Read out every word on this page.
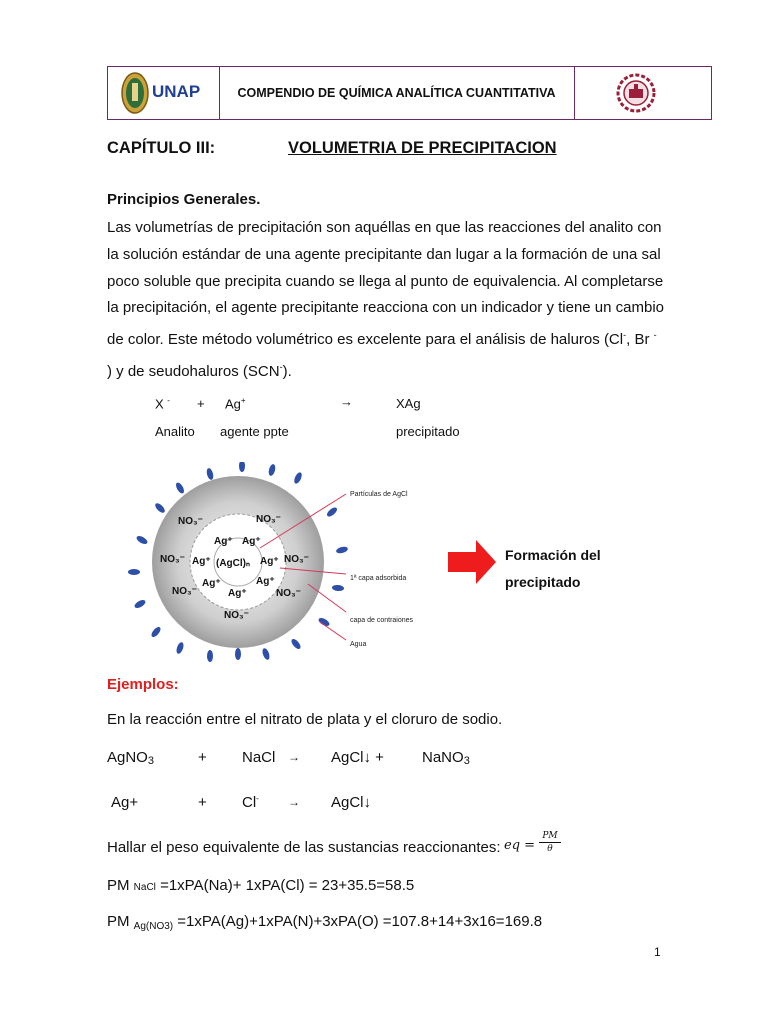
UNAP	COMPENDIO DE QUÍMICA ANALÍTICA CUANTITATIVA
CAPÍTULO III:	VOLUMETRIA DE PRECIPITACION
Principios Generales.
Las volumetrías de precipitación son aquéllas en que las reacciones del analito con
la solución estándar de una agente precipitante dan lugar a la formación de una sal
poco soluble que precipita cuando se llega al punto de equivalencia. Al completarse
la precipitación, el agente precipitante reacciona con un indicador y tiene un cambio
de color. Este método volumétrico es excelente para el análisis de haluros (Cl-, Br -
) y de seudohaluros (SCN-).
X - + Ag+	→	XAg
Analito agente ppte	precipitado
NO₃⁻	NO₃⁻
NO₃⁻	NO₃⁻
NO₃⁻	NO₃⁻
NO₃⁻
Ag⁺ Ag⁺
Ag⁺	Ag⁺
Ag⁺	Ag⁺
Ag⁺
(AgCl)ₙ
Partículas de AgCl
1ª capa adsorbida
capa de contraiones
Agua
Formación del
precipitado
Ejemplos:
En la reacción entre el nitrato de plata y el cloruro de sodio.
AgNO$_3$	+ NaCl → AgCl↓ +	NaNO$_3$
Ag+	+ Cl- → AgCl↓
Hallar el peso equivalente de las sustancias reaccionantes: eq = $\frac{PM}{\theta}$
PM NaCl =1xPA(Na)+ 1xPA(Cl) = 23+35.5=58.5
PM $_{Ag(NO3)}$ =1xPA(Ag)+1xPA(N)+3xPA(O) =107.8+14+3x16=169.8
1
